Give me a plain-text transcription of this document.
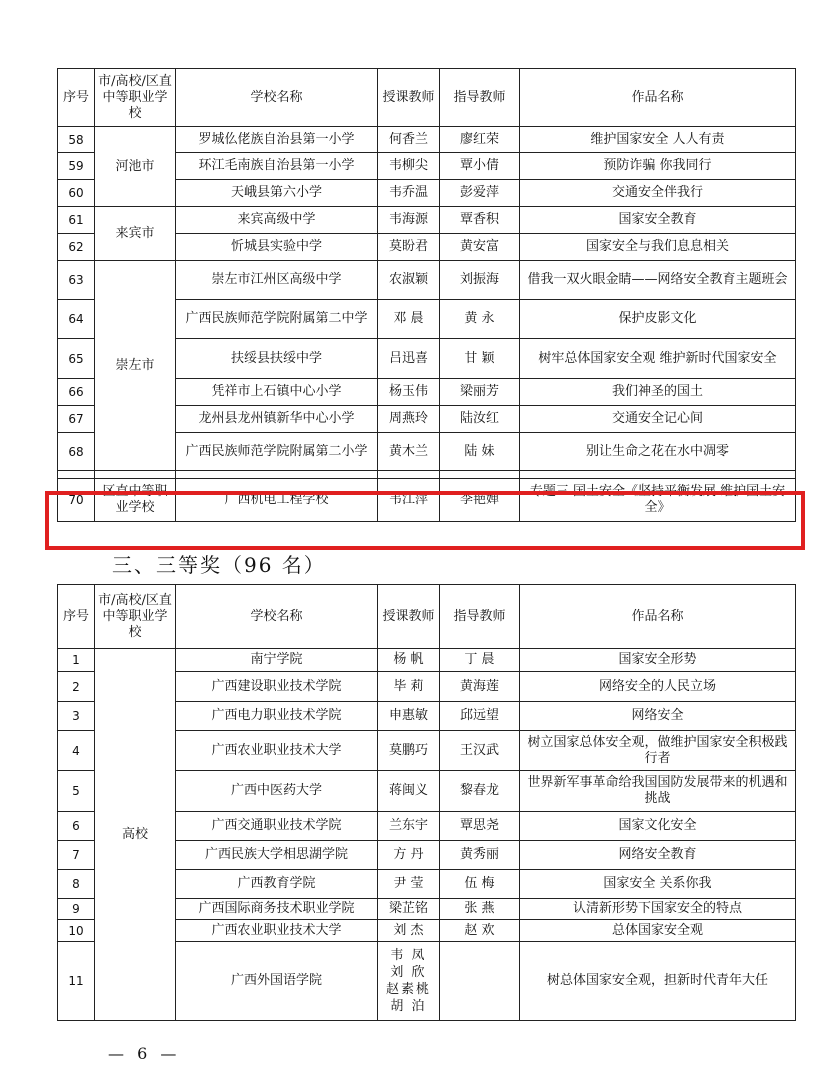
序号	市/高校/区直中等职业学校	学校名称	授课教师	指导教师	作品名称
58	河池市	罗城仫佬族自治县第一小学	何香兰	廖红荣	维护国家安全 人人有责
59		环江毛南族自治县第一小学	韦柳尖	覃小倩	预防诈骗 你我同行
60		天峨县第六小学	韦乔温	彭爱萍	交通安全伴我行
61	来宾市	来宾高级中学	韦海源	覃香积	国家安全教育
62		忻城县实验中学	莫盼君	黄安富	国家安全与我们息息相关
63	崇左市	崇左市江州区高级中学	农淑颖	刘振海	借我一双火眼金睛——网络安全教育主题班会
64		广西民族师范学院附属第二中学	邓 晨	黄 永	保护皮影文化
65		扶绥县扶绥中学	吕迅喜	甘 颖	树牢总体国家安全观 维护新时代国家安全
66		凭祥市上石镇中心小学	杨玉伟	梁丽芳	我们神圣的国土
67		龙州县龙州镇新华中心小学	周燕玲	陆汝红	交通安全记心间
68		广西民族师范学院附属第二小学	黄木兰	陆 妹	别让生命之花在水中凋零

70	区直中等职业学校	广西机电工程学校	韦江萍	李艳婵	专题三 国土安全《坚持平衡发展 维护国土安全》
三、三等奖（96 名）
序号	市/高校/区直中等职业学校	学校名称	授课教师	指导教师	作品名称
1	高校	南宁学院	杨 帆	丁 晨	国家安全形势
2		广西建设职业技术学院	毕 莉	黄海莲	网络安全的人民立场
3		广西电力职业技术学院	申惠敏	邱远望	网络安全
4		广西农业职业技术大学	莫鹏巧	王汉武	树立国家总体安全观，做维护国家安全积极践行者
5		广西中医药大学	蒋闽义	黎春龙	世界新军事革命给我国国防发展带来的机遇和挑战
6		广西交通职业技术学院	兰东宇	覃思尧	国家文化安全
7		广西民族大学相思湖学院	方 丹	黄秀丽	网络安全教育
8		广西教育学院	尹 莹	伍 梅	国家安全 关系你我
9		广西国际商务技术职业学院	梁芷铭	张 燕	认清新形势下国家安全的特点
10		广西农业职业技术大学	刘 杰	赵 欢	总体国家安全观
11		广西外国语学院	韦 凤
刘 欣
赵素桃
胡 泊		树总体国家安全观，担新时代青年大任
— 6 —
